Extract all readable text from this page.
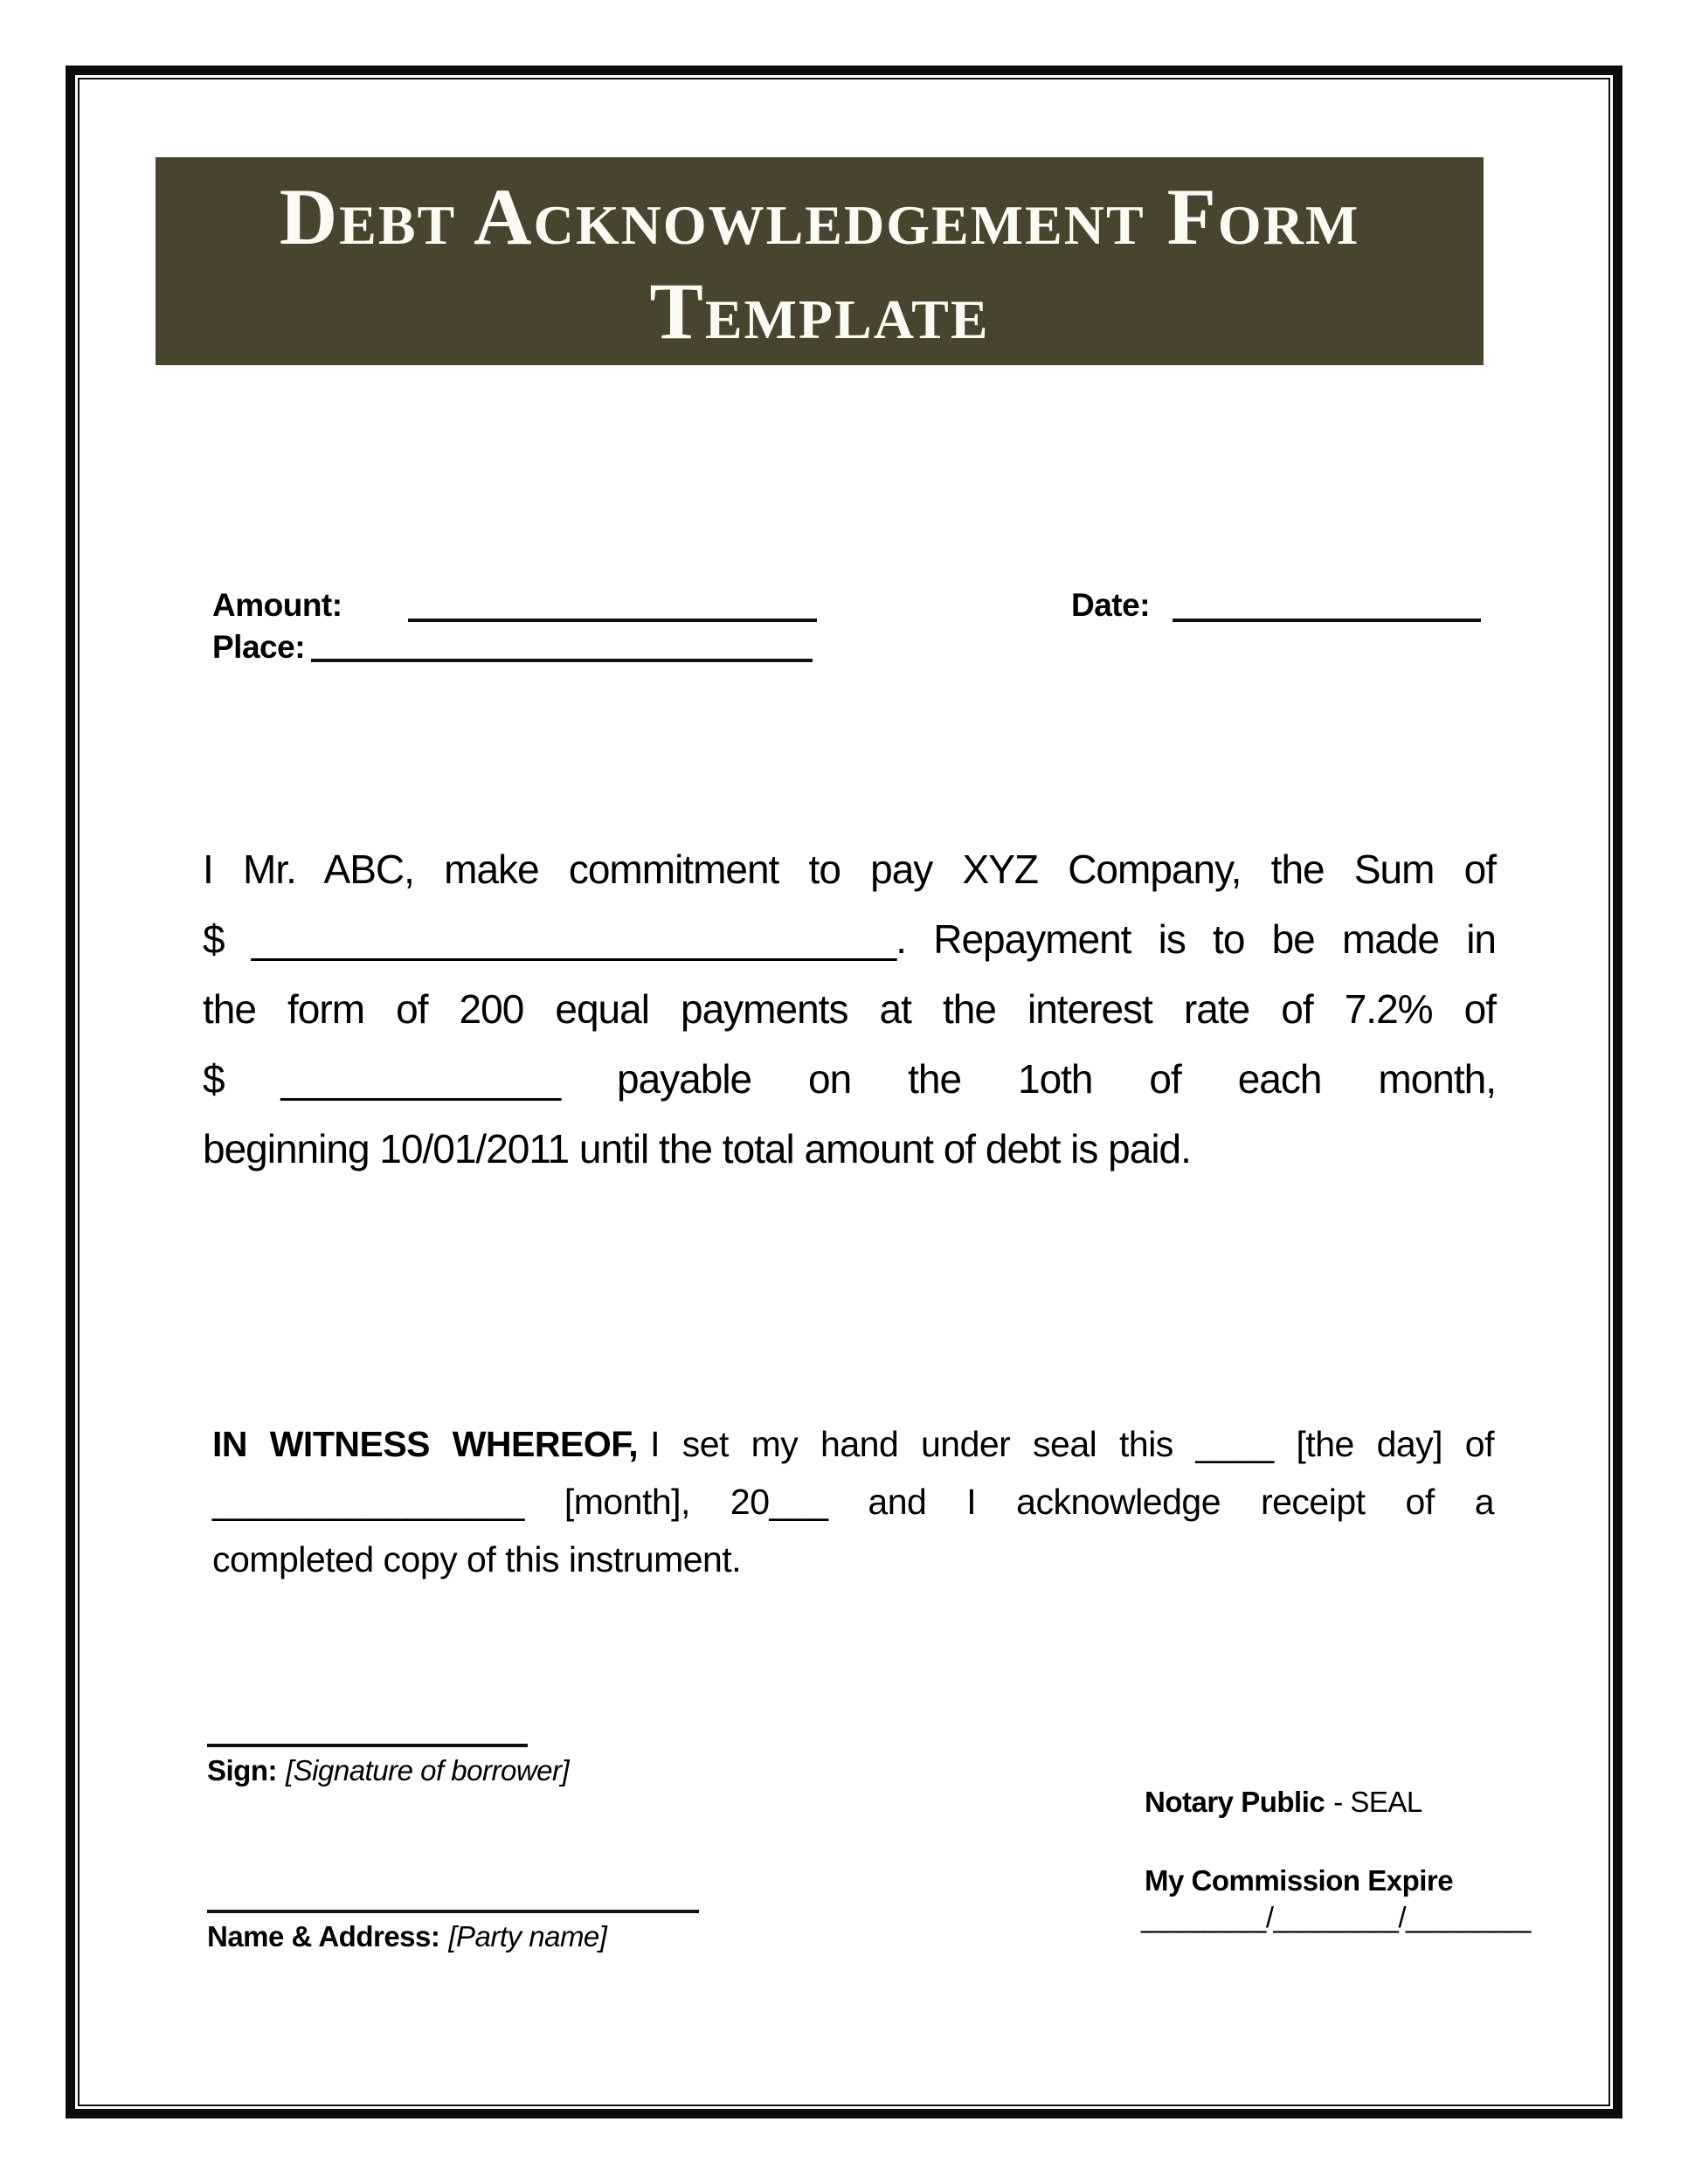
Debt Acknowledgement Form
Template
Amount:	Date:
Place:
I Mr. ABC, make commitment to pay XYZ Company, the Sum of
$ ______________________________. Repayment is to be made in
the form of 200 equal payments at the interest rate of 7.2% of
$ _____________ payable on the 1oth of each month,
beginning 10/01/2011 until the total amount of debt is paid.
IN WITNESS WHEREOF, I set my hand under seal this ____ [the day] of
________________ [month], 20___ and I acknowledge receipt of a
completed copy of this instrument.
Sign: [Signature of borrower]
Name & Address: [Party name]
Notary Public - SEAL
My Commission Expire
________/________/________
